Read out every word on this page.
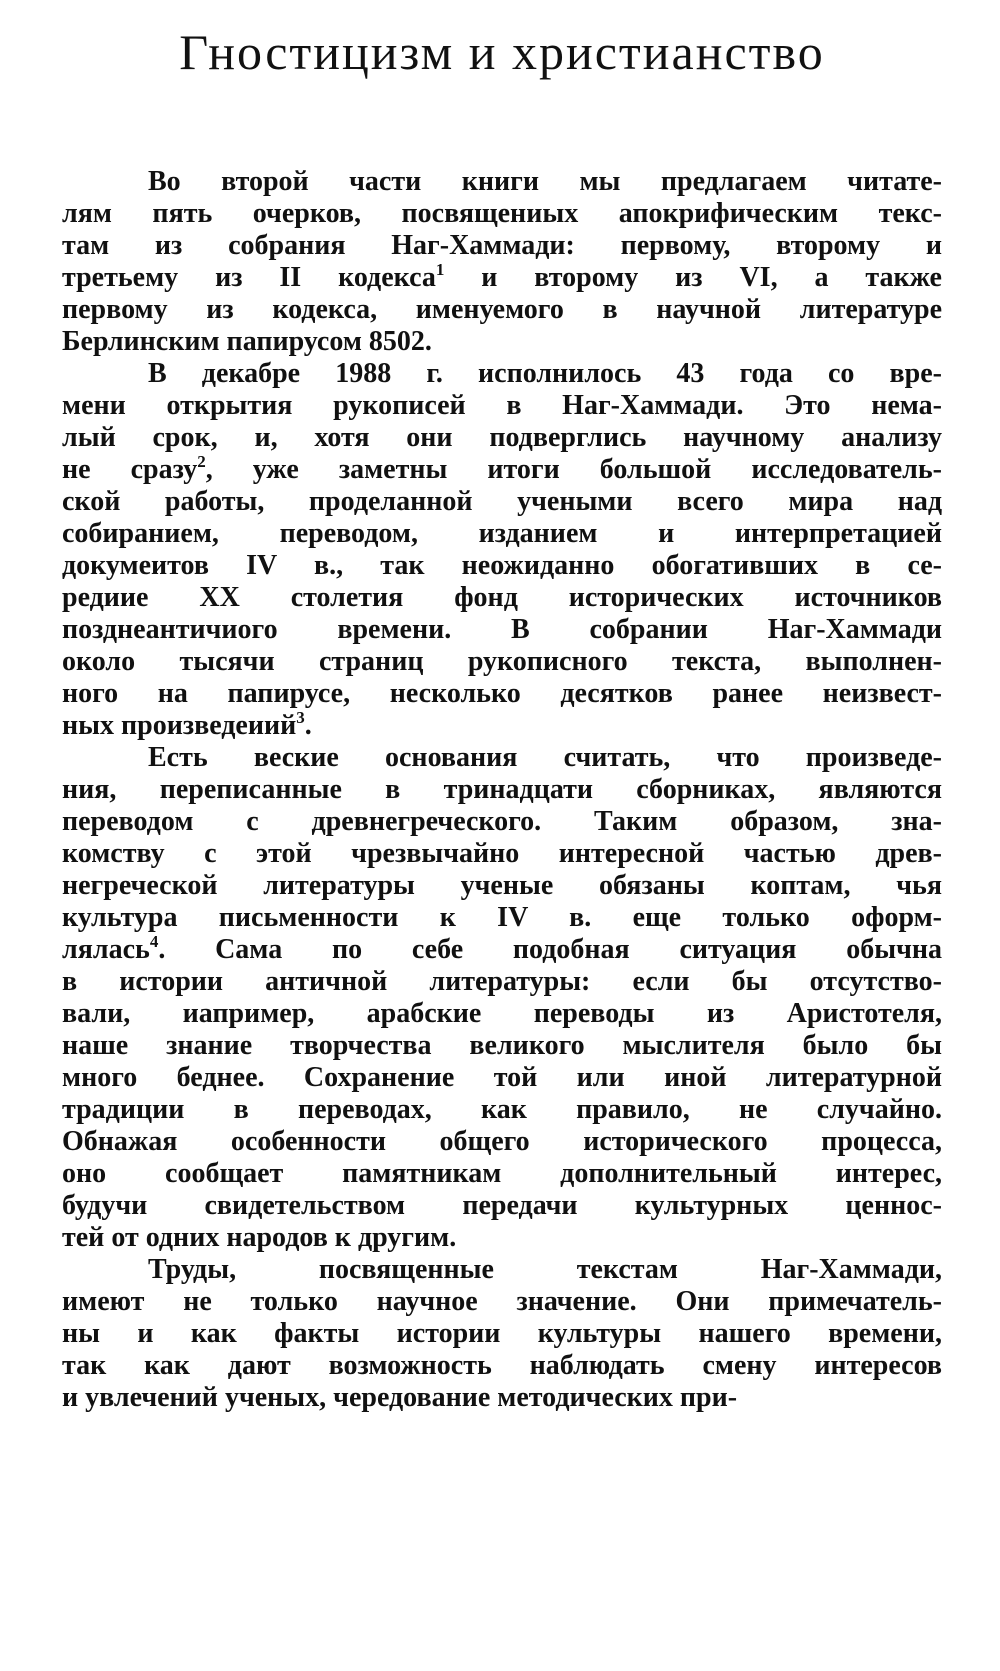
Гностицизм и христианство
Во второй части книги мы предлагаем читате-
лям пять очерков, посвящениых апокрифическим текс-
там из собрания Наг-Хаммади: первому, второму и
третьему из II кодекса$^1$ и второму из VI, а также
первому из кодекса, именуемого в научной литературе
Берлинским папирусом 8502.
В декабре 1988 г. исполнилось 43 года со вре-
мени открытия рукописей в Наг-Хаммади. Это нема-
лый срок, и, хотя они подверглись научному анализу
не сразу$^2$, уже заметны итоги большой исследователь-
ской работы, проделанной учеными всего мира над
собиранием, переводом, изданием и интерпретацией
докумеитов IV в., так неожиданно обогативших в се-
редиие XX столетия фонд исторических источников
позднеантичиого времени. В собрании Наг-Хаммади
около тысячи страниц рукописного текста, выполнен-
ного на папирусе, несколько десятков ранее неизвест-
ных произведеиий$^3$.
Есть веские основания считать, что произведе-
ния, переписанные в тринадцати сборниках, являются
переводом с древнегреческого. Таким образом, зна-
комству с этой чрезвычайно интересной частью древ-
негреческой литературы ученые обязаны коптам, чья
культура письменности к IV в. еще только оформ-
лялась$^4$. Сама по себе подобная ситуация обычна
в истории античной литературы: если бы отсутство-
вали, иапример, арабские переводы из Аристотеля,
наше знание творчества великого мыслителя было бы
много беднее. Сохранение той или иной литературной
традиции в переводах, как правило, не случайно.
Обнажая особенности общего исторического процесса,
оно сообщает памятникам дополнительный интерес,
будучи свидетельством передачи культурных ценнос-
тей от одних народов к другим.
Труды, посвященные текстам Наг-Хаммади,
имеют не только научное значение. Они примечатель-
ны и как факты истории культуры нашего времени,
так как дают возможность наблюдать смену интересов
и увлечений ученых, чередование методических при-
